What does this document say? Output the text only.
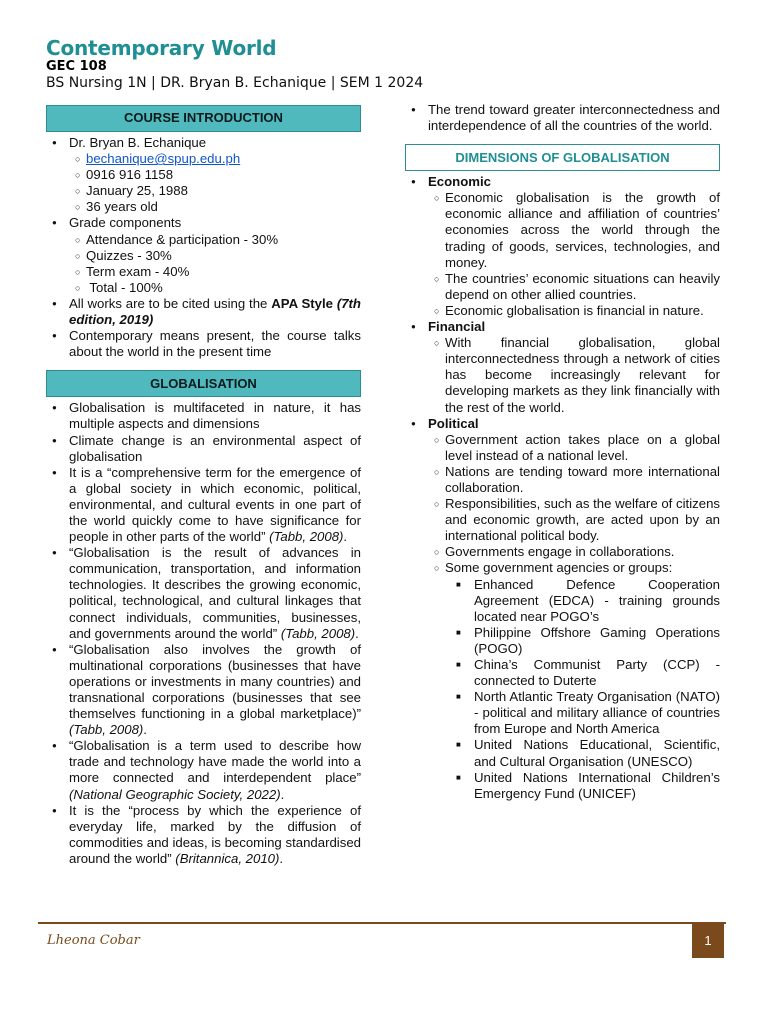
Contemporary World
GEC 108
BS Nursing 1N | DR. Bryan B. Echanique | SEM 1 2024
COURSE INTRODUCTION
● Dr. Bryan B. Echanique
○ bechanique@spup.edu.ph
○ 0916 916 1158
○ January 25, 1988
○ 36 years old
● Grade components
○ Attendance & participation - 30%
○ Quizzes - 30%
○ Term exam - 40%
○  Total - 100%
● All works are to be cited using the APA Style (7th edition, 2019)
● Contemporary means present, the course talks about the world in the present time
GLOBALISATION
● Globalisation is multifaceted in nature, it has multiple aspects and dimensions
● Climate change is an environmental aspect of globalisation
● It is a “comprehensive term for the emergence of a global society in which economic, political, environmental, and cultural events in one part of the world quickly come to have significance for people in other parts of the world” (Tabb, 2008).
● “Globalisation is the result of advances in communication, transportation, and information technologies. It describes the growing economic, political, technological, and cultural linkages that connect individuals, communities, businesses, and governments around the world” (Tabb, 2008).
● “Globalisation also involves the growth of multinational corporations (businesses that have operations or investments in many countries) and transnational corporations (businesses that see themselves functioning in a global marketplace)” (Tabb, 2008).
● “Globalisation is a term used to describe how trade and technology have made the world into a more connected and interdependent place” (National Geographic Society, 2022).
● It is the “process by which the experience of everyday life, marked by the diffusion of commodities and ideas, is becoming standardised around the world” (Britannica, 2010).
● The trend toward greater interconnectedness and interdependence of all the countries of the world.
DIMENSIONS OF GLOBALISATION
● Economic
○ Economic globalisation is the growth of economic alliance and affiliation of countries’ economies across the world through the trading of goods, services, technologies, and money.
○ The countries’ economic situations can heavily depend on other allied countries.
○ Economic globalisation is financial in nature.
● Financial
○ With financial globalisation, global interconnectedness through a network of cities has become increasingly relevant for developing markets as they link financially with the rest of the world.
● Political
○ Government action takes place on a global level instead of a national level.
○ Nations are tending toward more international collaboration.
○ Responsibilities, such as the welfare of citizens and economic growth, are acted upon by an international political body.
○ Governments engage in collaborations.
○ Some government agencies or groups:
■ Enhanced Defence Cooperation Agreement (EDCA) - training grounds located near POGO’s
■ Philippine Offshore Gaming Operations (POGO)
■ China’s Communist Party (CCP) - connected to Duterte
■ North Atlantic Treaty Organisation (NATO) - political and military alliance of countries from Europe and North America
■ United Nations Educational, Scientific, and Cultural Organisation (UNESCO)
■ United Nations International Children’s Emergency Fund (UNICEF)
Lheona Cobar	1
